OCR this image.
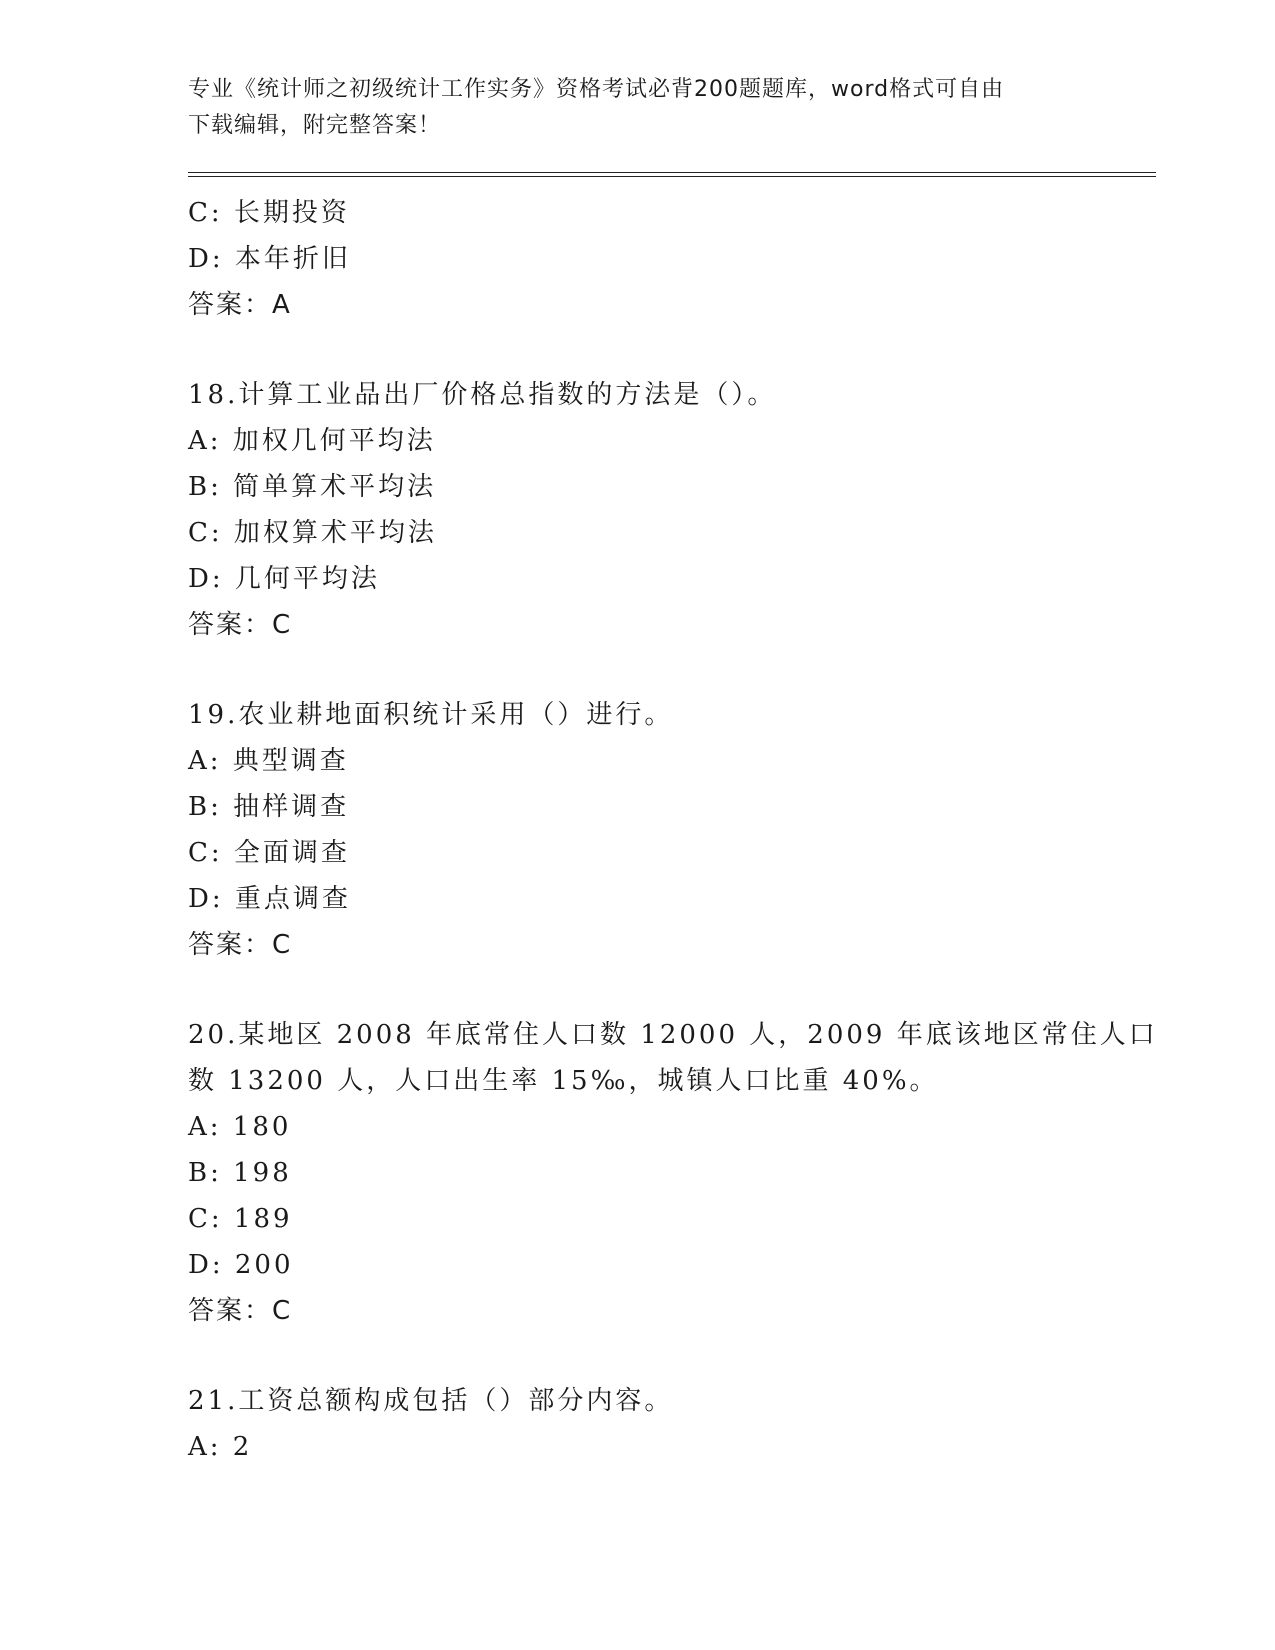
专业《统计师之初级统计工作实务》资格考试必背200题题库，word格式可自由
下载编辑，附完整答案！
C: 长期投资
D: 本年折旧
答案：A
18.计算工业品出厂价格总指数的方法是（）。
A: 加权几何平均法
B: 简单算术平均法
C: 加权算术平均法
D: 几何平均法
答案：C
19.农业耕地面积统计采用（）进行。
A: 典型调查
B: 抽样调查
C: 全面调查
D: 重点调查
答案：C
20.某地区 2008 年底常住人口数 12000 人，2009 年底该地区常住人口
数 13200 人，人口出生率 15‰，城镇人口比重 40%。
A: 180
B: 198
C: 189
D: 200
答案：C
21.工资总额构成包括（）部分内容。
A: 2
